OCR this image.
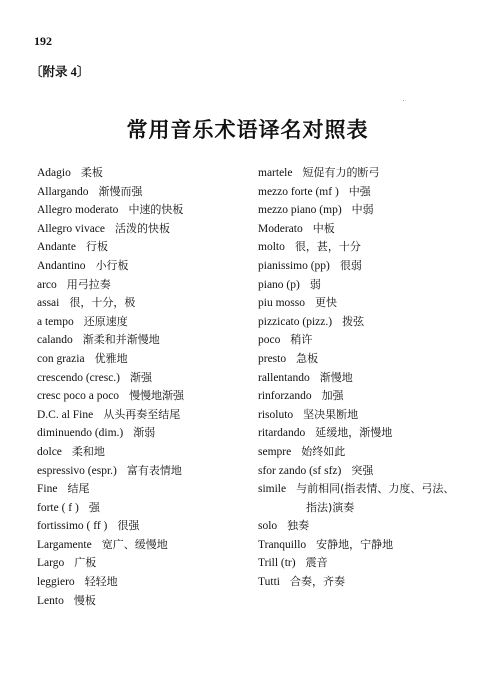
192
〔附录 4〕
常用音乐术语译名对照表
Adagio 柔板
Allargando 渐慢而强
Allegro moderato 中速的快板
Allegro vivace 活泼的快板
Andante 行板
Andantino 小行板
arco 用弓拉奏
assai 很，十分，极
a tempo 还原速度
calando 渐柔和并渐慢地
con grazia 优雅地
crescendo (cresc.) 渐强
cresc poco a poco 慢慢地渐强
D.C. al Fine 从头再奏至结尾
diminuendo (dim.) 渐弱
dolce 柔和地
espressivo (espr.) 富有表情地
Fine 结尾
forte ( f ) 强
fortissimo ( ff ) 很强
Largamente 宽广、缓慢地
Largo 广板
leggiero 轻轻地
Lento 慢板
martele 短促有力的断弓
mezzo forte (mf ) 中强
mezzo piano (mp) 中弱
Moderato 中板
molto 很，甚，十分
pianissimo (pp) 很弱
piano (p) 弱
piu mosso 更快
pizzicato (pizz.) 拨弦
poco 稍许
presto 急板
rallentando 渐慢地
rinforzando 加强
risoluto 坚决果断地
ritardando 延缓地，渐慢地
sempre 始终如此
sfor zando (sf sfz) 突强
simile 与前相同(指表情、力度、弓法、
指法)演奏
solo 独奏
Tranquillo 安静地，宁静地
Trill (tr) 震音
Tutti 合奏，齐奏
